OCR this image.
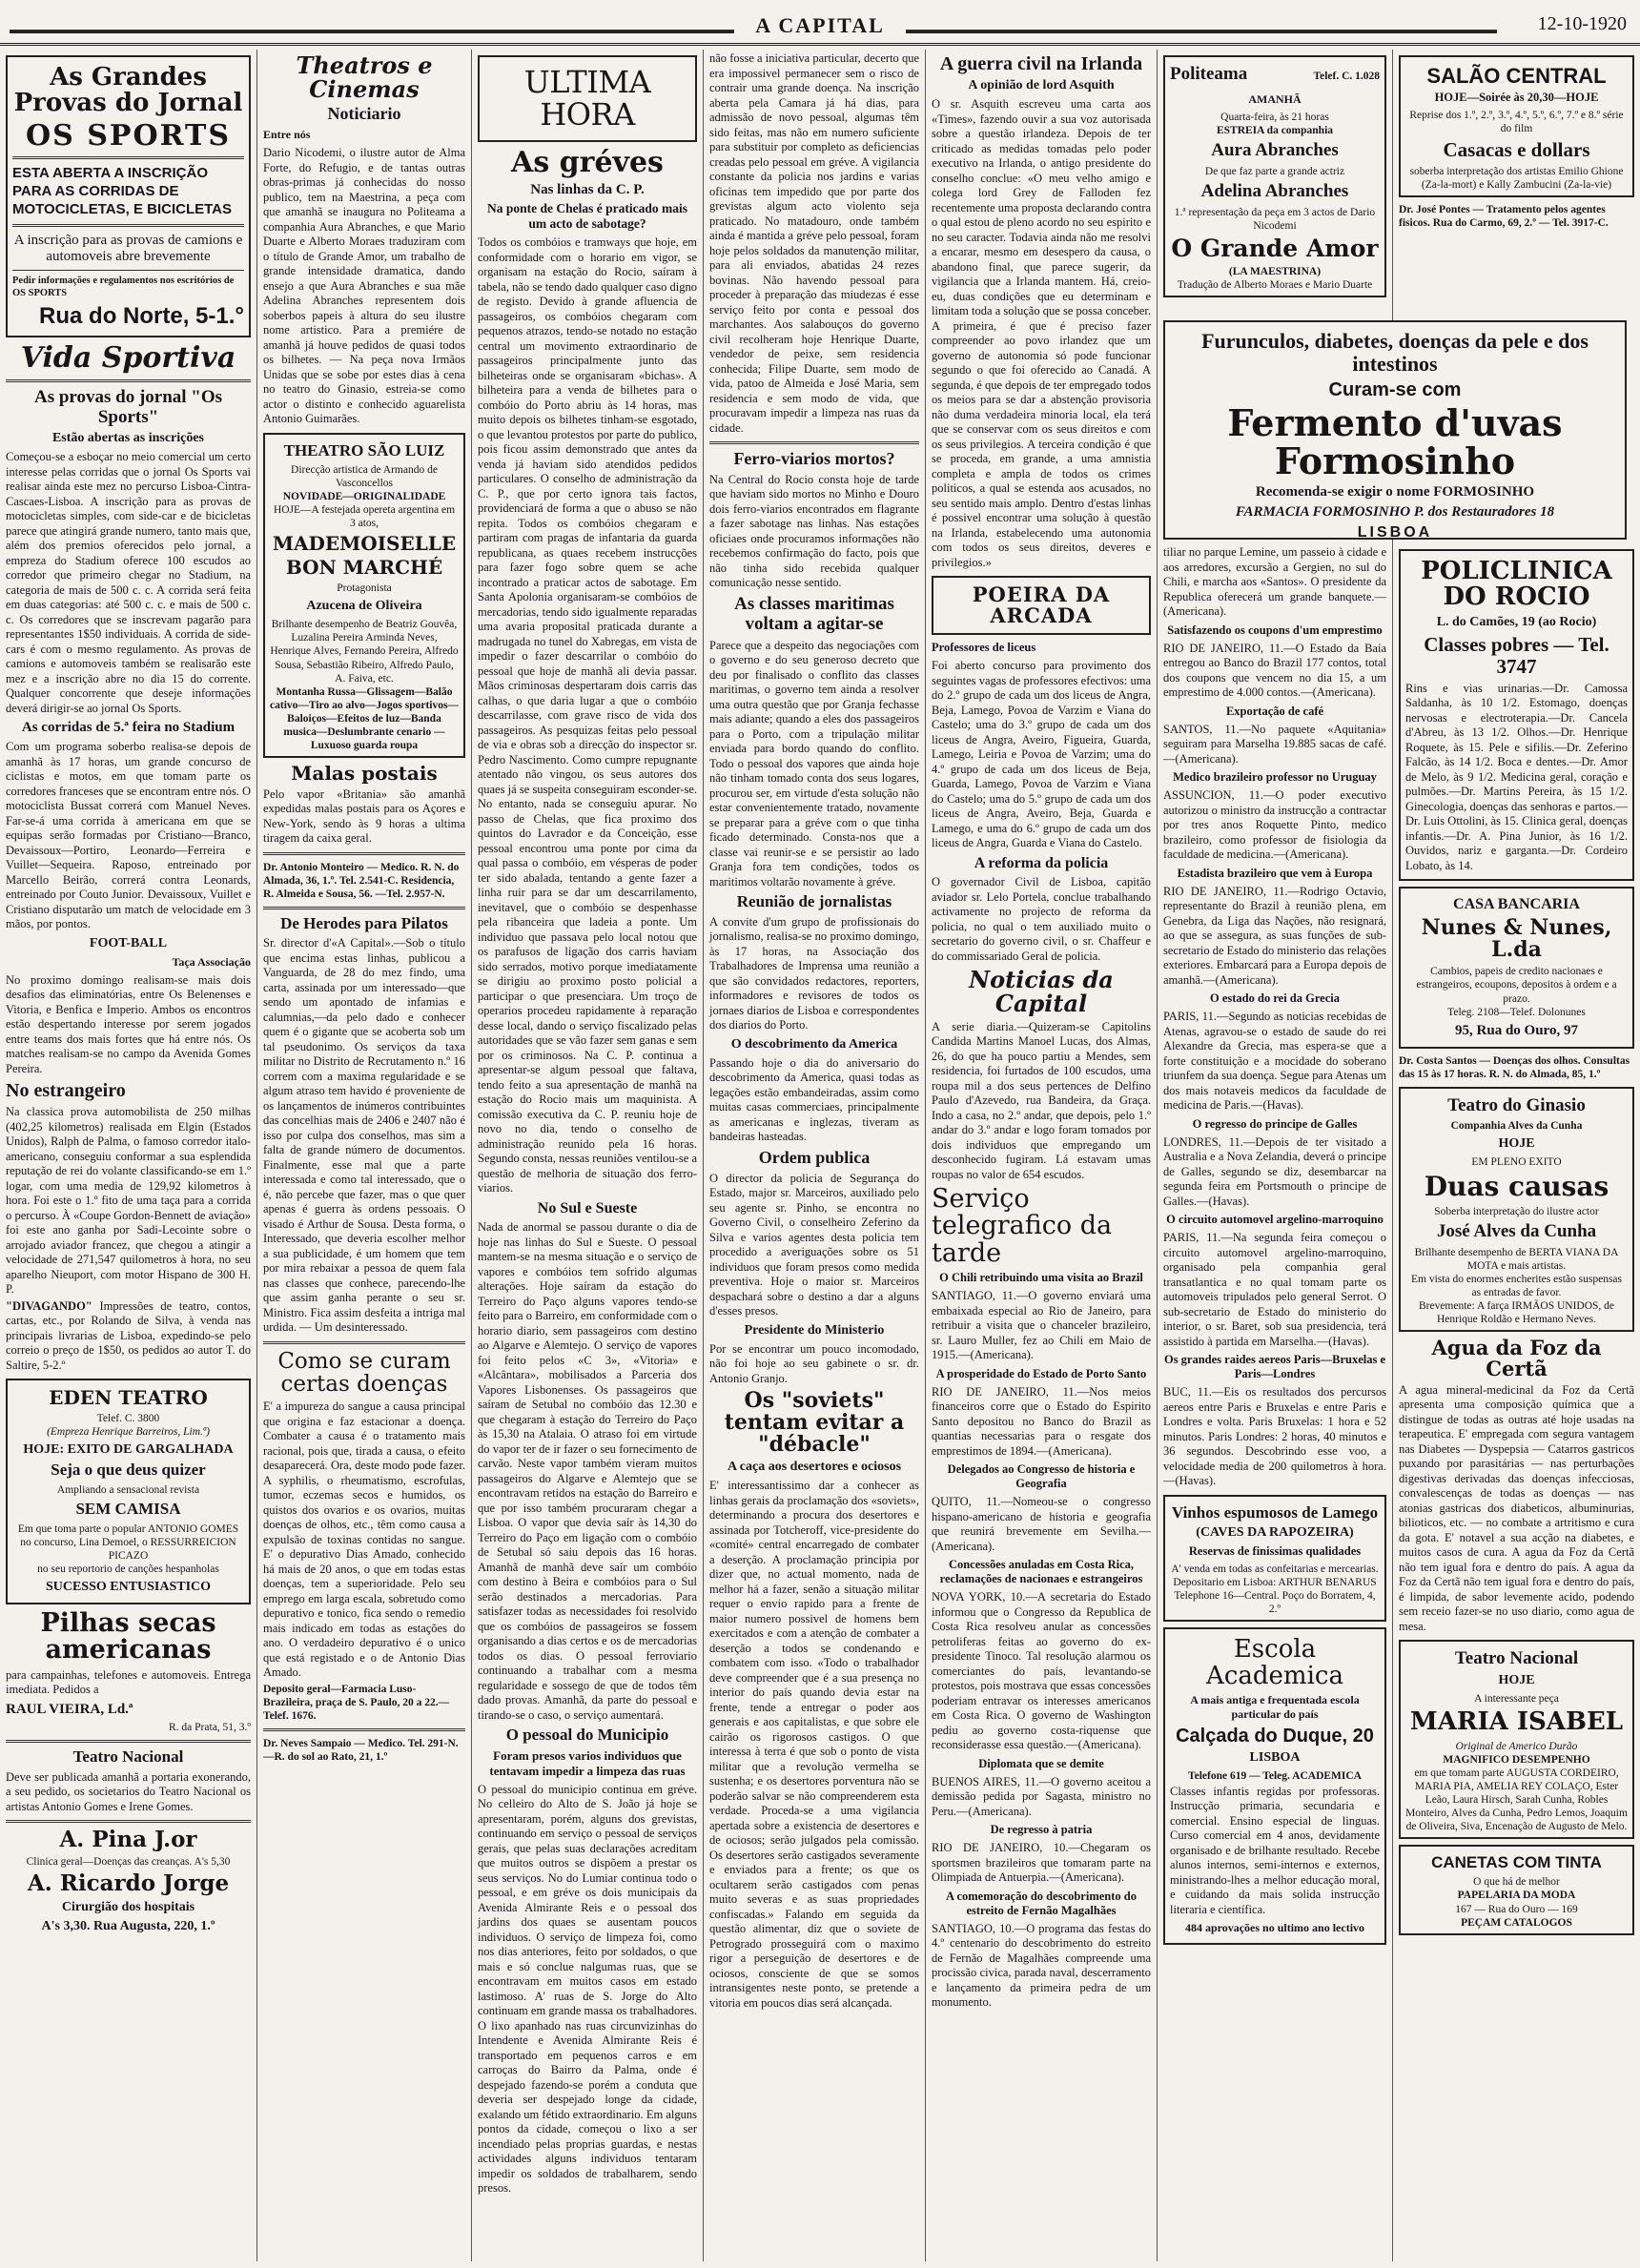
A CAPITAL	12-10-1920
As Grandes Provas do Jornal
OS SPORTS
ESTA ABERTA A INSCRIÇÃO PARA AS CORRIDAS DE MOTOCICLETAS, E BICICLETAS
A inscrição para as provas de camions e automoveis abre brevemente
Pedir informações e regulamentos nos escritórios de OS SPORTS
Rua do Norte, 5-1.°
Vida Sportiva
As provas do jornal "Os Sports"
Estão abertas as inscrições
Começou-se a esboçar no meio comercial um certo interesse pelas corridas que o jornal Os Sports vai realisar ainda este mez no percurso Lisboa-Cintra-Cascaes-Lisboa. A inscrição para as provas de motocicletas simples, com side-car e de bicicletas parece que atingirá grande numero, tanto mais que, além dos premios oferecidos pelo jornal, a empreza do Stadium oferece 100 escudos ao corredor que primeiro chegar no Stadium, na categoria de mais de 500 c. c. A corrida será feita em duas categorias: até 500 c. c. e mais de 500 c. c. Os corredores que se inscrevam pagarão para representantes 1$50 individuais. A corrida de side-cars é com o mesmo regulamento. As provas de camions e automoveis também se realisarão este mez e a inscrição abre no dia 15 do corrente. Qualquer concorrente que deseje informações deverá dirigir-se ao jornal Os Sports.
As corridas de 5.ª feira no Stadium
Com um programa soberbo realisa-se depois de amanhã às 17 horas, um grande concurso de ciclistas e motos, em que tomam parte os corredores franceses que se encontram entre nós. O motociclista Bussat correrá com Manuel Neves. Far-se-á uma corrida à americana em que se equipas serão formadas por Cristiano—Branco, Devaissoux—Portiro, Leonardo—Ferreira e Vuillet—Sequeira. Raposo, entreinado por Marcello Beirão, correrá contra Leonards, entreinado por Couto Junior. Devaissoux, Vuillet e Cristiano disputarão um match de velocidade em 3 mãos, por pontos.
FOOT-BALL
Taça Associação
No proximo domingo realisam-se mais dois desafios das eliminatórias, entre Os Belenenses e Vitoria, e Benfica e Imperio. Ambos os encontros estão despertando interesse por serem jogados entre teams dos mais fortes que há entre nós. Os matches realisam-se no campo da Avenida Gomes Pereira.
No estrangeiro
Na classica prova automobilista de 250 milhas (402,25 kilometros) realisada em Elgin (Estados Unidos), Ralph de Palma, o famoso corredor italo-americano, conseguiu conformar a sua esplendida reputação de rei do volante classificando-se em 1.º logar, com uma media de 129,92 kilometros à hora. Foi este o 1.º fito de uma taça para a corrida o percurso. À «Coupe Gordon-Bennett de aviação» foi este ano ganha por Sadi-Lecointe sobre o arrojado aviador francez, que chegou a atingir a velocidade de 271,547 quilometros à hora, no seu aparelho Nieuport, com motor Hispano de 300 H. P.
"DIVAGANDO" Impressões de teatro, contos, cartas, etc., por Rolando de Silva, à venda nas principais livrarias de Lisboa, expedindo-se pelo correio o preço de 1$50, os pedidos ao autor T. do Saltire, 5-2.º
EDEN TEATRO
Telef. C. 3800
(Empreza Henrique Barreiros, Lim.ª)
HOJE: EXITO DE GARGALHADA
Seja o que deus quizer
Ampliando a sensacional revista
SEM CAMISA
Em que toma parte o popular ANTONIO GOMES
no concurso, Lina Demoel, o RESSURREICION PICAZO
no seu reportorio de canções hespanholas
SUCESSO ENTUSIASTICO
Pilhas secas americanas
para campainhas, telefones e automoveis. Entrega imediata. Pedidos a
RAUL VIEIRA, Ld.ª
R. da Prata, 51, 3.º
Teatro Nacional
Deve ser publicada amanhã a portaria exonerando, a seu pedido, os societarios do Teatro Nacional os artistas Antonio Gomes e Irene Gomes.
A. Pina J.or
Clinica geral—Doenças das creanças. A's 5,30
A. Ricardo Jorge
Cirurgião dos hospitais
A's 3,30. Rua Augusta, 220, 1.º
Theatros e Cinemas
Noticiario
Entre nós
Dario Nicodemi, o ilustre autor de Alma Forte, do Refugio, e de tantas outras obras-primas já conhecidas do nosso publico, tem na Maestrina, a peça com que amanhã se inaugura no Politeama a companhia Aura Abranches, e que Mario Duarte e Alberto Moraes traduziram com o título de Grande Amor, um trabalho de grande intensidade dramatica, dando ensejo a que Aura Abranches e sua mãe Adelina Abranches representem dois soberbos papeis à altura do seu ilustre nome artistico. Para a premiére de amanhã já houve pedidos de quasi todos os bilhetes. — Na peça nova Irmãos Unidas que se sobe por estes dias à cena no teatro do Ginasio, estreia-se como actor o distinto e conhecido aguarelista Antonio Guimarães.
THEATRO SÃO LUIZ
Direcção artistica de Armando de Vasconcellos
NOVIDADE—ORIGINALIDADE
HOJE—A festejada opereta argentina em 3 atos,
MADEMOISELLE
BON MARCHÉ
Protagonista
Azucena de Oliveira
Brilhante desempenho de Beatriz Gouvêa, Luzalina Pereira Arminda Neves, Henrique Alves, Fernando Pereira, Alfredo Sousa, Sebastião Ribeiro, Alfredo Paulo, A. Faiva, etc.
Montanha Russa—Glissagem—Balão cativo—Tiro ao alvo—Jogos sportivos—Baloiços—Efeitos de luz—Banda musica—Deslumbrante cenario — Luxuoso guarda roupa
Malas postais
Pelo vapor «Britania» são amanhã expedidas malas postais para os Açores e New-York, sendo às 9 horas a ultima tiragem da caixa geral.
Dr. Antonio Monteiro — Medico. R. N. do Almada, 36, 1.º. Tel. 2.541-C. Residencia, R. Almeida e Sousa, 56. —Tel. 2.957-N.
De Herodes para Pilatos
Sr. director d'«A Capital».—Sob o título que encima estas linhas, publicou a Vanguarda, de 28 do mez findo, uma carta, assinada por um interessado—que sendo um apontado de infamias e calumnias,—da pelo dado e conhecer quem é o gigante que se acoberta sob um tal pseudonimo. Os serviços da taxa militar no Distrito de Recrutamento n.º 16 correm com a maxima regularidade e se algum atraso tem havido é proveniente de os lançamentos de inúmeros contribuintes das concelhias mais de 2406 e 2407 não é isso por culpa dos conselhos, mas sim a falta de grande número de documentos. Finalmente, esse mal que a parte interessada e como tal interessado, que o é, não percebe que fazer, mas o que quer apenas é guerra às ordens pessoais. O visado é Arthur de Sousa. Desta forma, o Interessado, que deveria escolher melhor a sua publicidade, é um homem que tem por mira rebaixar a pessoa de quem fala nas classes que conhece, parecendo-lhe que assim ganha perante o seu sr. Ministro. Fica assim desfeita a intriga mal urdida. — Um desinteressado.
Como se curam certas doenças
E' a impureza do sangue a causa principal que origina e faz estacionar a doença. Combater a causa é o tratamento mais racional, pois que, tirada a causa, o efeito desaparecerá. Ora, deste modo pode fazer. A syphilis, o rheumatismo, escrofulas, tumor, eczemas secos e humidos, os quistos dos ovarios e os ovarios, muitas doenças de olhos, etc., têm como causa a expulsão de toxinas contidas no sangue. E' o depurativo Dias Amado, conhecido há mais de 20 anos, o que em todas estas doenças, tem a superioridade. Pelo seu emprego em larga escala, sobretudo como depurativo e tonico, fica sendo o remedio mais indicado em todas as estações do ano. O verdadeiro depurativo é o unico que está registado e o de Antonio Dias Amado.
Deposito geral—Farmacia Luso-Brazileira, praça de S. Paulo, 20 a 22.—Telef. 1676.
Dr. Neves Sampaio — Medico. Tel. 291-N.—R. do sol ao Rato, 21, 1.º
ULTIMA HORA
As gréves
Nas linhas da C. P.
Na ponte de Chelas é praticado mais um acto de sabotage?
Todos os combóios e tramways que hoje, em conformidade com o horario em vigor, se organisam na estação do Rocio, saíram à tabela, não se tendo dado qualquer caso digno de registo. Devido à grande afluencia de passageiros, os combóios chegaram com pequenos atrazos, tendo-se notado no estação central um movimento extraordinario de passageiros principalmente junto das bilheteiras onde se organisaram «bichas». A bilheteira para a venda de bilhetes para o combóio do Porto abriu às 14 horas, mas muito depois os bilhetes tinham-se esgotado, o que levantou protestos por parte do publico, pois ficou assim demonstrado que antes da venda já haviam sido atendidos pedidos particulares. O conselho de administração da C. P., que por certo ignora tais factos, providenciará de forma a que o abuso se não repita. Todos os combóios chegaram e partiram com pragas de infantaria da guarda republicana, as quaes recebem instrucções para fazer fogo sobre quem se ache incontrado a praticar actos de sabotage. Em Santa Apolonia organisaram-se combóios de mercadorias, tendo sido igualmente reparadas uma avaria proposital praticada durante a madrugada no tunel do Xabregas, em vista de impedir o fazer descarrilar o combóio do pessoal que hoje de manhã ali devia passar. Mãos criminosas despertaram dois carris das calhas, o que daria lugar a que o combóio descarrilasse, com grave risco de vida dos passageiros. As pesquizas feitas pelo pessoal de via e obras sob a direcção do inspector sr. Pedro Nascimento. Como cumpre repugnante atentado não vingou, os seus autores dos quaes já se suspeita conseguiram esconder-se. No entanto, nada se conseguiu apurar. No passo de Chelas, que fica proximo dos quintos do Lavrador e da Conceição, esse pessoal encontrou uma ponte por cima da qual passa o combóio, em vésperas de poder ter sido abalada, tentando a gente fazer a linha ruir para se dar um descarrilamento, inevitavel, que o combóio se despenhasse pela ribanceira que ladeia a ponte. Um individuo que passava pelo local notou que os parafusos de ligação dos carris haviam sido serrados, motivo porque imediatamente se dirigiu ao proximo posto policial a participar o que presenciara. Um troço de operarios procedeu rapidamente à reparação desse local, dando o serviço fiscalizado pelas autoridades que se vão fazer sem ganas e sem por os criminosos. Na C. P. continua a apresentar-se algum pessoal que faltava, tendo feito a sua apresentação de manhã na estação do Rocio mais um maquinista. A comissão executiva da C. P. reuniu hoje de novo no dia, tendo o conselho de administração reunido pela 16 horas. Segundo consta, nessas reuniões ventilou-se a questão de melhoria de situação dos ferro-viarios.
No Sul e Sueste
Nada de anormal se passou durante o dia de hoje nas linhas do Sul e Sueste. O pessoal mantem-se na mesma situação e o serviço de vapores e combóios tem sofrido algumas alterações. Hoje saíram da estação do Terreiro do Paço alguns vapores tendo-se feito para o Barreiro, em conformidade com o horario diario, sem passageiros com destino ao Algarve e Alemtejo. O serviço de vapores foi feito pelos «C 3», «Vitoria» e «Alcântara», mobilisados a Parceria dos Vapores Lisbonenses. Os passageiros que saíram de Setubal no combóio das 12.30 e que chegaram à estação do Terreiro do Paço às 15,30 na Atalaia. O atraso foi em virtude do vapor ter de ir fazer o seu fornecimento de carvão. Neste vapor também vieram muitos passageiros do Algarve e Alemtejo que se encontravam retidos na estação do Barreiro e que por isso também procuraram chegar a Lisboa. O vapor que devia saír às 14,30 do Terreiro do Paço em ligação com o combóio de Setubal só saiu depois das 16 horas. Amanhã de manhã deve saír um combóio com destino à Beira e combóios para o Sul serão destinados a mercadorias. Para satisfazer todas as necessidades foi resolvido que os combóios de passageiros se fossem organisando a dias certos e os de mercadorias todos os dias. O pessoal ferroviario continuando a trabalhar com a mesma regularidade e sossego de que de todos têm dado provas. Amanhã, da parte do pessoal e tirando-se o caso, o serviço aumentará.
O pessoal do Municipio
Foram presos varios individuos que tentavam impedir a limpeza das ruas
O pessoal do municipio continua em gréve. No celleiro do Alto de S. João já hoje se apresentaram, porém, alguns dos grevistas, continuando em serviço o pessoal de serviços gerais, que pelas suas declarações acreditam que muitos outros se dispõem a prestar os seus serviços. No do Lumiar continua todo o pessoal, e em gréve os dois municipais da Avenida Almirante Reis e o pessoal dos jardins dos quaes se ausentam poucos individuos. O serviço de limpeza foi, como nos dias anteriores, feito por soldados, o que mais e só conclue nalgumas ruas, que se encontravam em muitos casos em estado lastimoso. A' ruas de S. Jorge do Alto continuam em grande massa os trabalhadores. O lixo apanhado nas ruas circunvizinhas do Intendente e Avenida Almirante Reis é transportado em pequenos carros e em carroças do Bairro da Palma, onde é despejado fazendo-se porém a conduta que deveria ser despejado longe da cidade, exalando um fétido extraordinario. Em alguns pontos da cidade, começou o lixo a ser incendiado pelas proprias guardas, e nestas actividades alguns individuos tentaram impedir os soldados de trabalharem, sendo presos.
não fosse a iniciativa particular, decerto que era impossivel permanecer sem o risco de contrair uma grande doença. Na inscrição aberta pela Camara já há dias, para admissão de novo pessoal, algumas têm sido feitas, mas não em numero suficiente para substituir por completo as deficiencias creadas pelo pessoal em gréve. A vigilancia constante da policia nos jardins e varias oficinas tem impedido que por parte dos grevistas algum acto violento seja praticado. No matadouro, onde também ainda é mantida a gréve pelo pessoal, foram hoje pelos soldados da manutenção militar, para ali enviados, abatidas 24 rezes bovinas. Não havendo pessoal para proceder à preparação das miudezas é esse serviço feito por conta e pessoal dos marchantes. Aos salabouços do governo civil recolheram hoje Henrique Duarte, vendedor de peixe, sem residencia conhecida; Filipe Duarte, sem modo de vida, patoo de Almeida e José Maria, sem residencia e sem modo de vida, que procuravam impedir a limpeza nas ruas da cidade.
Ferro-viarios mortos?
Na Central do Rocio consta hoje de tarde que haviam sido mortos no Minho e Douro dois ferro-viarios encontrados em flagrante a fazer sabotage nas linhas. Nas estações oficiaes onde procuramos informações não recebemos confirmação do facto, pois que não tinha sido recebida qualquer comunicação nesse sentido.
As classes maritimas voltam a agitar-se
Parece que a despeito das negociações com o governo e do seu generoso decreto que deu por finalisado o conflito das classes maritimas, o governo tem ainda a resolver uma outra questão que por Granja fechasse mais adiante; quando a eles dos passageiros para o Porto, com a tripulação militar enviada para bordo quando do conflito. Todo o pessoal dos vapores que ainda hoje não tinham tomado conta dos seus logares, procurou ser, em virtude d'esta solução não estar convenientemente tratado, novamente se preparar para a gréve com o que tinha ficado determinado. Consta-nos que a classe vai reunir-se e se persistir ao lado Granja fora tem condições, todos os maritimos voltarão novamente à gréve.
Reunião de jornalistas
A convite d'um grupo de profissionais do jornalismo, realisa-se no proximo domingo, às 17 horas, na Associação dos Trabalhadores de Imprensa uma reunião a que são convidados redactores, reporters, informadores e revisores de todos os jornaes diarios de Lisboa e correspondentes dos diarios do Porto.
O descobrimento da America
Passando hoje o dia do aniversario do descobrimento da America, quasi todas as legações estão embandeiradas, assim como muitas casas commerciaes, principalmente as americanas e inglezas, tiveram as bandeiras hasteadas.
Ordem publica
O director da policia de Segurança do Estado, major sr. Marceiros, auxiliado pelo seu agente sr. Pinho, se encontra no Governo Civil, o conselheiro Zeferino da Silva e varios agentes desta policia tem procedido a averiguações sobre os 51 individuos que foram presos como medida preventiva. Hoje o maior sr. Marceiros despachará sobre o destino a dar a alguns d'esses presos.
Presidente do Ministerio
Por se encontrar um pouco incomodado, não foi hoje ao seu gabinete o sr. dr. Antonio Granjo.
Os "soviets" tentam evitar a "débacle"
A caça aos desertores e ociosos
E' interessantissimo dar a conhecer as linhas gerais da proclamação dos «soviets», determinando a procura dos desertores e assinada por Totcheroff, vice-presidente do «comité» central encarregado de combater a deserção. A proclamação principia por dizer que, no actual momento, nada de melhor há a fazer, senão a situação militar requer o envio rapido para a frente de maior numero possivel de homens bem exercitados e com a atenção de combater a deserção a todos se condenando e combatem com isso. «Todo o trabalhador deve compreender que é a sua presença no interior do país quando devia estar na frente, tende a entregar o poder aos generais e aos capitalistas, e que sobre ele cairão os rigorosos castigos. O que interessa à terra é que sob o ponto de vista militar que a revolução vermelha se sustenha; e os desertores porventura não se poderão salvar se não compreenderem esta verdade. Proceda-se a uma vigilancia apertada sobre a existencia de desertores e de ociosos; serão julgados pela comissão. Os desertores serão castigados severamente e enviados para a frente; os que os ocultarem serão castigados com penas muito severas e as suas propriedades confiscadas.» Falando em seguida da questão alimentar, diz que o soviete de Petrogrado prosseguirá com o maximo rigor a perseguição de desertores e de ociosos, consciente de que se somos intransigentes neste ponto, se pretende a vitoria em poucos dias será alcançada.
A guerra civil na Irlanda
A opinião de lord Asquith
O sr. Asquith escreveu uma carta aos «Times», fazendo ouvir a sua voz autorisada sobre a questão irlandeza. Depois de ter criticado as medidas tomadas pelo poder executivo na Irlanda, o antigo presidente do conselho conclue: «O meu velho amigo e colega lord Grey de Falloden fez recentemente uma proposta declarando contra o qual estou de pleno acordo no seu espirito e no seu caracter. Todavia ainda não me resolvi a encarar, mesmo em desespero da causa, o abandono final, que parece sugerir, da vigilancia que a Irlanda mantem. Há, creio-eu, duas condições que eu determinam e limitam toda a solução que se possa conceber. A primeira, é que é preciso fazer compreender ao povo irlandez que um governo de autonomia só pode funcionar segundo o que foi oferecido ao Canadá. A segunda, é que depois de ter empregado todos os meios para se dar a abstenção provisoria não duma verdadeira minoria local, ela terá que se conservar com os seus direitos e com os seus privilegios. A terceira condição é que se proceda, em grande, a uma amnistia completa e ampla de todos os crimes politicos, a qual se estenda aos acusados, no seu sentido mais amplo. Dentro d'estas linhas é possivel encontrar uma solução à questão na Irlanda, estabelecendo uma autonomia com todos os seus direitos, deveres e privilegios.»
POEIRA DA ARCADA
Professores de liceus
Foi aberto concurso para provimento dos seguintes vagas de professores efectivos: uma do 2.º grupo de cada um dos liceus de Angra, Beja, Lamego, Povoa de Varzim e Viana do Castelo; uma do 3.º grupo de cada um dos liceus de Angra, Aveiro, Figueira, Guarda, Lamego, Leiria e Povoa de Varzim; uma do 4.º grupo de cada um dos liceus de Beja, Guarda, Lamego, Povoa de Varzim e Viana do Castelo; uma do 5.º grupo de cada um dos liceus de Angra, Aveiro, Beja, Guarda e Lamego, e uma do 6.º grupo de cada um dos liceus de Angra, Guarda e Viana do Castelo.
A reforma da policia
O governador Civil de Lisboa, capitão aviador sr. Lelo Portela, conclue trabalhando activamente no projecto de reforma da policia, no qual o tem auxiliado muito o secretario do governo civil, o sr. Chaffeur e do commissariado Geral de policia.
Noticias da Capital
A serie diaria.—Quizeram-se Capitolins Candida Martins Manoel Lucas, dos Almas, 26, do que ha pouco partiu a Mendes, sem residencia, foi furtados de 100 escudos, uma roupa mil a dos seus pertences de Delfino Paulo d'Azevedo, rua Bandeira, da Graça. Indo a casa, no 2.º andar, que depois, pelo 1.º andar do 3.º andar e logo foram tomados por dois individuos que empregando um desconhecido fugiram. Lá estavam umas roupas no valor de 654 escudos.
Serviço telegrafico da tarde
O Chili retribuindo uma visita ao Brazil
SANTIAGO, 11.—O governo enviará uma embaixada especial ao Rio de Janeiro, para retribuir a visita que o chanceler brazileiro, sr. Lauro Muller, fez ao Chili em Maio de 1915.—(Americana).
A prosperidade do Estado de Porto Santo
RIO DE JANEIRO, 11.—Nos meios financeiros corre que o Estado do Espirito Santo depositou no Banco do Brazil as quantias necessarias para o resgate dos emprestimos de 1894.—(Americana).
Delegados ao Congresso de historia e Geografia
QUITO, 11.—Nomeou-se o congresso hispano-americano de historia e geografia que reunirá brevemente em Sevilha.—(Americana).
Concessões anuladas em Costa Rica, reclamações de nacionaes e estrangeiros
NOVA YORK, 10.—A secretaria do Estado informou que o Congresso da Republica de Costa Rica resolveu anular as concessões petroliferas feitas ao governo do ex-presidente Tinoco. Tal resolução alarmou os comerciantes do país, levantando-se protestos, pois mostrava que essas concessões poderiam entravar os interesses americanos em Costa Rica. O governo de Washington pediu ao governo costa-riquense que reconsiderasse essa questão.—(Americana).
Diplomata que se demite
BUENOS AIRES, 11.—O governo aceitou a demissão pedida por Sagasta, ministro no Peru.—(Americana).
De regresso à patria
RIO DE JANEIRO, 10.—Chegaram os sportsmen brazileiros que tomaram parte na Olimpiada de Antuerpia.—(Americana).
A comemoração do descobrimento do estreito de Fernão Magalhães
SANTIAGO, 10.—O programa das festas do 4.º centenario do descobrimento do estreito de Fernão de Magalhães compreende uma procissão civica, parada naval, descerramento e lançamento da primeira pedra de um monumento.
Politeama	Telef. C. 1.028
AMANHÃ
Quarta-feira, às 21 horas
ESTREIA da companhia
Aura Abranches
De que faz parte a grande actriz
Adelina Abranches
1.ª representação da peça em 3 actos de Dario Nicodemi
O Grande Amor
(LA MAESTRINA)
Tradução de Alberto Moraes e Mario Duarte
Furunculos, diabetes, doenças da pele e dos intestinos
Curam-se com
Fermento d'uvas Formosinho
Recomenda-se exigir o nome FORMOSINHO
FARMACIA FORMOSINHO P. dos Restauradores 18
LISBOA
tiliar no parque Lemine, um passeio à cidade e aos arredores, excursão a Gergien, no sul do Chili, e marcha aos «Santos». O presidente da Republica oferecerá um grande banquete.—(Americana).
Satisfazendo os coupons d'um emprestimo
RIO DE JANEIRO, 11.—O Estado da Baía entregou ao Banco do Brazil 177 contos, total dos coupons que vencem no dia 15, a um emprestimo de 4.000 contos.—(Americana).
Exportação de café
SANTOS, 11.—No paquete «Aquitania» seguiram para Marselha 19.885 sacas de café.—(Americana).
Medico brazileiro professor no Uruguay
ASSUNCION, 11.—O poder executivo autorizou o ministro da instrucção a contractar por tres anos Roquette Pinto, medico brazileiro, como professor de fisiologia da faculdade de medicina.—(Americana).
Estadista brazileiro que vem à Europa
RIO DE JANEIRO, 11.—Rodrigo Octavio, representante do Brazil à reunião plena, em Genebra, da Liga das Nações, não resignará, ao que se assegura, as suas funções de sub-secretario de Estado do ministerio das relações exteriores. Embarcará para a Europa depois de amanhã.—(Americana).
O estado do rei da Grecia
PARIS, 11.—Segundo as noticias recebidas de Atenas, agravou-se o estado de saude do rei Alexandre da Grecia, mas espera-se que a forte constituição e a mocidade do soberano triunfem da sua doença. Segue para Atenas um dos mais notaveis medicos da faculdade de medicina de Paris.—(Havas).
O regresso do principe de Galles
LONDRES, 11.—Depois de ter visitado a Australia e a Nova Zelandia, deverá o principe de Galles, segundo se diz, desembarcar na segunda feira em Portsmouth o principe de Galles.—(Havas).
O circuito automovel argelino-marroquino
PARIS, 11.—Na segunda feira começou o circuito automovel argelino-marroquino, organisado pela companhia geral transatlantica e no qual tomam parte os automoveis tripulados pelo general Serrot. O sub-secretario de Estado do ministerio do interior, o sr. Baret, sob sua presidencia, terá assistido à partida em Marselha.—(Havas).
Os grandes raides aereos Paris—Bruxelas e Paris—Londres
BUC, 11.—Eis os resultados dos percursos aereos entre Paris e Bruxelas e entre Paris e Londres e volta. Paris Bruxelas: 1 hora e 52 minutos. Paris Londres: 2 horas, 40 minutos e 36 segundos. Descobrindo esse voo, a velocidade media de 200 quilometros à hora.—(Havas).
Vinhos espumosos de Lamego
(CAVES DA RAPOZEIRA)
Reservas de finissimas qualidades
A' venda em todas as confeitarias e mercearias.
Depositario em Lisboa: ARTHUR BENARUS
Telephone 16—Central. Poço do Borratem, 4, 2.º
Escola Academica
A mais antiga e frequentada escola particular do país
Calçada do Duque, 20
LISBOA
Telefone 619 — Teleg. ACADEMICA
Classes infantis regidas por professoras. Instrucção primaria, secundaria e comercial. Ensino especial de linguas. Curso comercial em 4 anos, devidamente organisado e de brilhante resultado. Recebe alunos internos, semi-internos e externos, ministrando-lhes a melhor educação moral, e cuidando da mais solida instrucção literaria e científica.
484 aprovações no ultimo ano lectivo
SALÃO CENTRAL
HOJE—Soirée às 20,30—HOJE
Reprise dos 1.º, 2.º, 3.º, 4.º, 5.º, 6.º, 7.º e 8.º série do film
Casacas e dollars
soberba interpretação dos artistas Emilio Ghione (Za-la-mort) e Kally Zambucini (Za-la-vie)
Dr. José Pontes — Tratamento pelos agentes fisicos. Rua do Carmo, 69, 2.º — Tel. 3917-C.
POLICLINICA DO ROCIO
L. do Camões, 19 (ao Rocio)
Classes pobres — Tel. 3747
Rins e vias urinarias.—Dr. Camossa Saldanha, às 10 1/2. Estomago, doenças nervosas e electroterapia.—Dr. Cancela d'Abreu, às 13 1/2. Olhos.—Dr. Henrique Roquete, às 15. Pele e sifilis.—Dr. Zeferino Falcão, às 14 1/2. Boca e dentes.—Dr. Amor de Melo, às 9 1/2. Medicina geral, coração e pulmões.—Dr. Martins Pereira, às 15 1/2. Ginecologia, doenças das senhoras e partos.—Dr. Luis Ottolini, às 15. Clinica geral, doenças infantis.—Dr. A. Pina Junior, às 16 1/2. Ouvidos, nariz e garganta.—Dr. Cordeiro Lobato, às 14.
CASA BANCARIA
Nunes & Nunes, L.da
Cambios, papeis de credito nacionaes e estrangeiros, ecoupons, depositos à ordem e a prazo.
Teleg. 2108—Telef. Dolonunes
95, Rua do Ouro, 97
Dr. Costa Santos — Doenças dos olhos. Consultas das 15 às 17 horas. R. N. do Almada, 85, 1.º
Teatro do Ginasio
Companhia Alves da Cunha
HOJE
EM PLENO EXITO
Duas causas
Soberba interpretação do ilustre actor
José Alves da Cunha
Brilhante desempenho de BERTA VIANA DA MOTA e mais artistas.
Em vista do enormes encherites estão suspensas as entradas de favor.
Brevemente: A farça IRMÃOS UNIDOS, de Henrique Roldão e Hermano Neves.
Agua da Foz da Certã
A agua mineral-medicinal da Foz da Certã apresenta uma composição química que a distingue de todas as outras até hoje usadas na terapeutica. E' empregada com segura vantagem nas Diabetes — Dyspepsia — Catarros gastricos puxando por parasitárias — nas perturbações digestivas derivadas das doenças infecciosas, convalescenças de todas as doenças — nas atonias gastricas dos diabeticos, albuminurias, bilioticos, etc. — no combate a artritismo e cura da gota. E' notavel a sua acção na diabetes, e muitos casos de cura. A agua da Foz da Certã não tem igual fora e dentro do país. A agua da Foz da Certã não tem igual fora e dentro do país, é limpida, de sabor levemente acido, podendo sem receio fazer-se no uso diario, como agua de mesa.
Teatro Nacional
HOJE
A interessante peça
MARIA ISABEL
Original de Americo Durão
MAGNIFICO DESEMPENHO
em que tomam parte AUGUSTA CORDEIRO, MARIA PIA, AMELIA REY COLAÇO, Ester Leão, Laura Hirsch, Sarah Cunha, Robles Monteiro, Alves da Cunha, Pedro Lemos, Joaquim de Oliveira, Siva, Encenação de Augusto de Melo.
CANETAS COM TINTA
O que há de melhor
PAPELARIA DA MODA
167 — Rua do Ouro — 169
PEÇAM CATALOGOS
